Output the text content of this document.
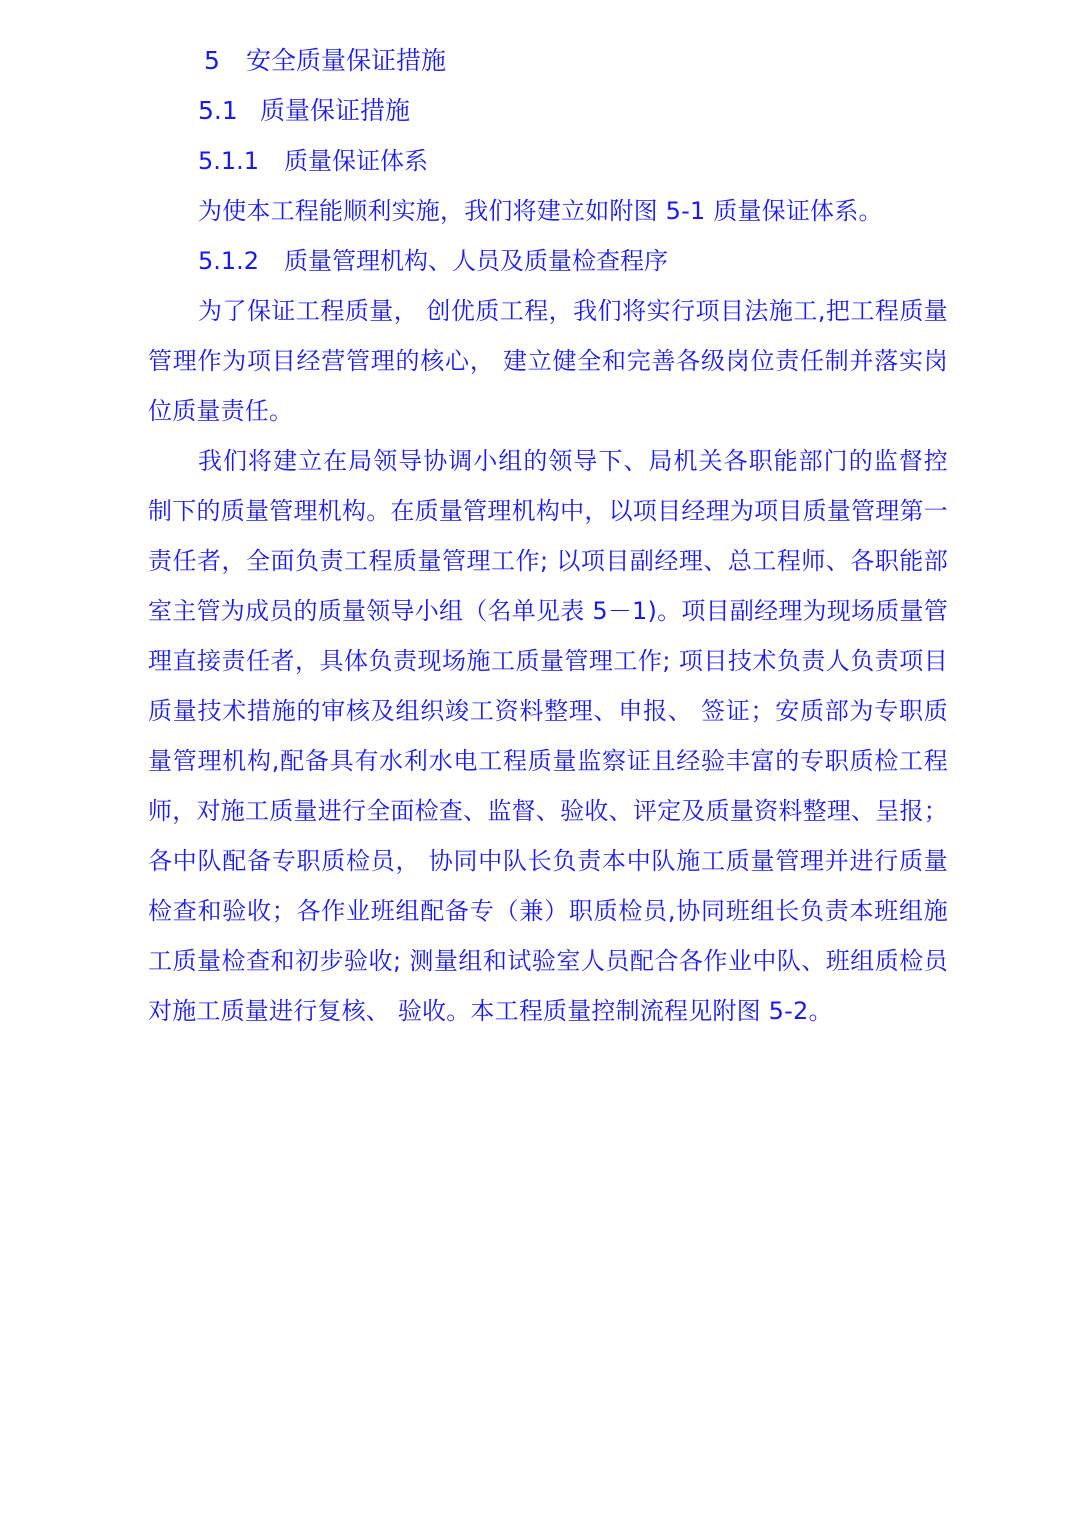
5 安全质量保证措施
5.1 质量保证措施
5.1.1 质量保证体系

为使本工程能顺利实施，我们将建立如附图 5-1 质量保证体系。

5.1.2 质量管理机构、人员及质量检查程序

为了保证工程质量， 创优质工程，我们将实行项目法施工,把工程质量管理作为项目经营管理的核心， 建立健全和完善各级岗位责任制并落实岗位质量责任。

我们将建立在局领导协调小组的领导下、局机关各职能部门的监督控制下的质量管理机构。在质量管理机构中，以项目经理为项目质量管理第一责任者，全面负责工程质量管理工作; 以项目副经理、总工程师、各职能部室主管为成员的质量领导小组（名单见表 5－1)。项目副经理为现场质量管理直接责任者，具体负责现场施工质量管理工作; 项目技术负责人负责项目质量技术措施的审核及组织竣工资料整理、申报、 签证；安质部为专职质量管理机构,配备具有水利水电工程质量监察证且经验丰富的专职质检工程师，对施工质量进行全面检查、监督、验收、评定及质量资料整理、呈报；各中队配备专职质检员， 协同中队长负责本中队施工质量管理并进行质量检查和验收；各作业班组配备专（兼）职质检员,协同班组长负责本班组施工质量检查和初步验收; 测量组和试验室人员配合各作业中队、班组质检员对施工质量进行复核、 验收。本工程质量控制流程见附图 5-2。
